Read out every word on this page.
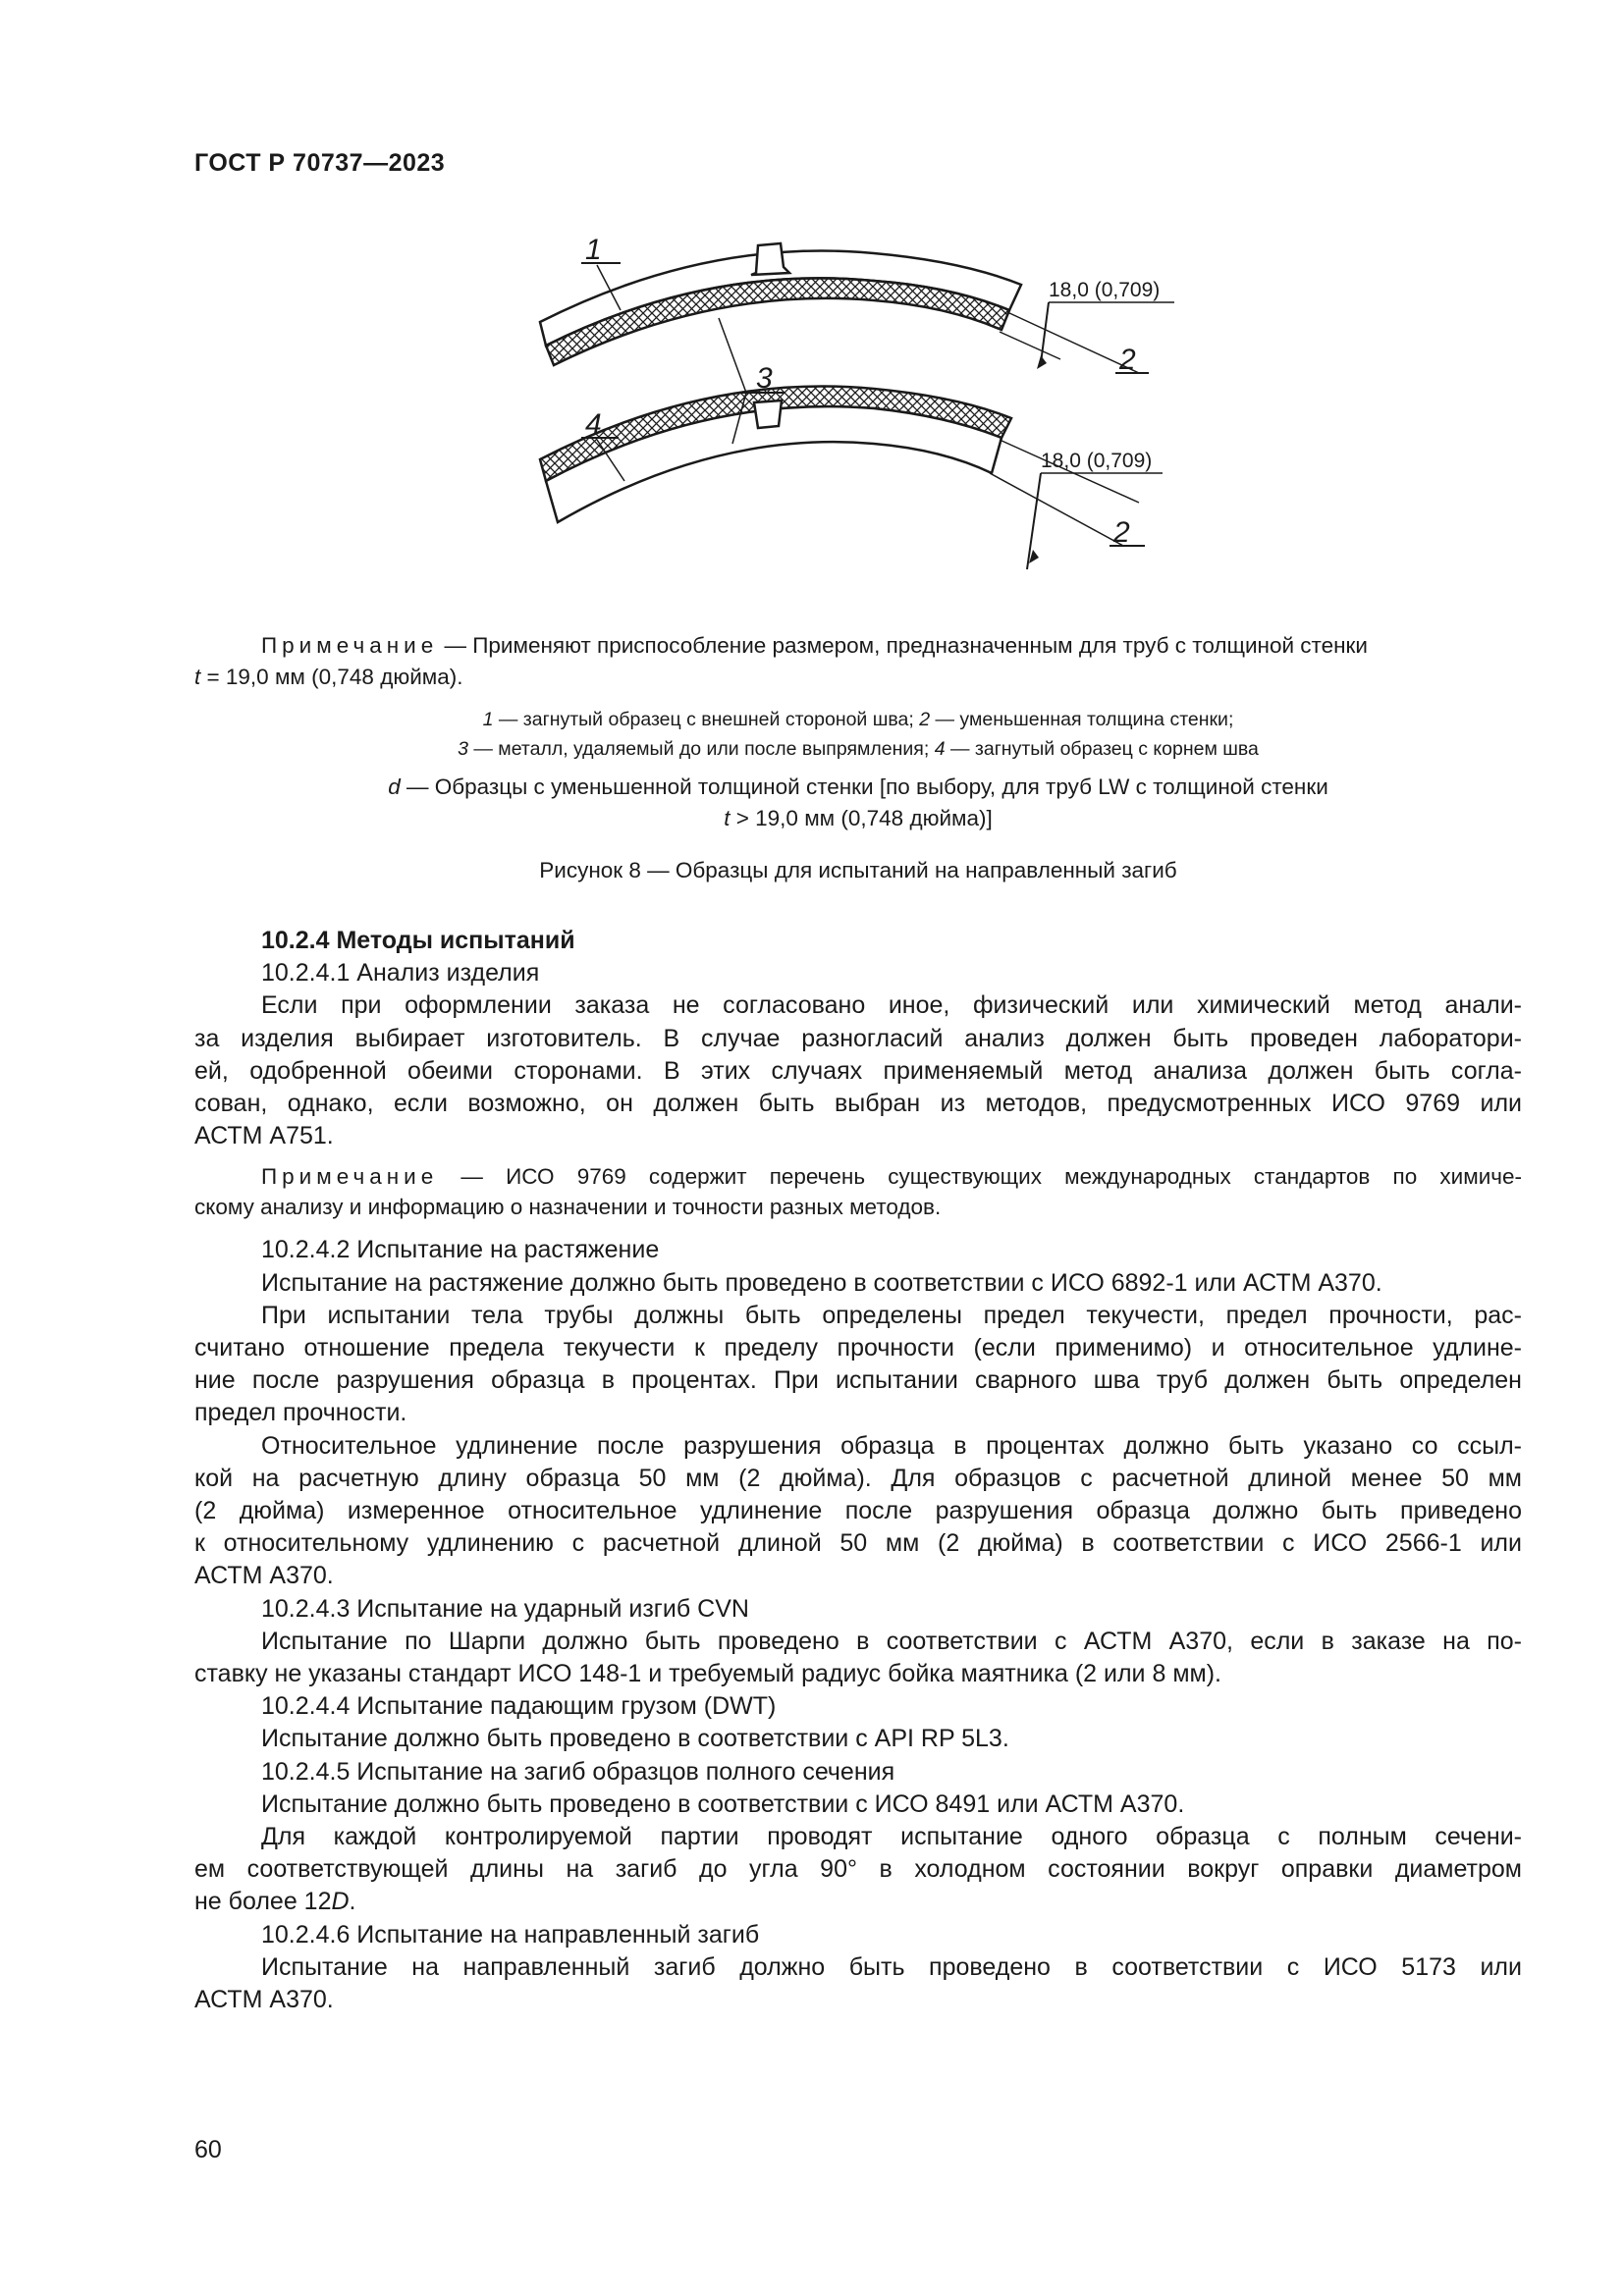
ГОСТ Р 70737—2023
1
3
4
18,0 (0,709)
2
18,0 (0,709)
2
Примечание — Применяют приспособление размером, предназначенным для труб с толщиной стенки
t = 19,0 мм (0,748 дюйма).
1 — загнутый образец с внешней стороной шва; 2 — уменьшенная толщина стенки;
3 — металл, удаляемый до или после выпрямления; 4 — загнутый образец с корнем шва
d — Образцы с уменьшенной толщиной стенки [по выбору, для труб LW с толщиной стенки
t > 19,0 мм (0,748 дюйма)]
Рисунок 8 — Образцы для испытаний на направленный загиб

10.2.4 Методы испытаний

10.2.4.1 Анализ изделия

Если при оформлении заказа не согласовано иное, физический или химический метод анали-
за изделия выбирает изготовитель. В случае разногласий анализ должен быть проведен лаборатори-
ей, одобренной обеими сторонами. В этих случаях применяемый метод анализа должен быть согла-
сован, однако, если возможно, он должен быть выбран из методов, предусмотренных ИСО 9769 или
АСТМ А751.

Примечание — ИСО 9769 содержит перечень существующих международных стандартов по химиче-
скому анализу и информацию о назначении и точности разных методов.

10.2.4.2 Испытание на растяжение

Испытание на растяжение должно быть проведено в соответствии с ИСО 6892-1 или АСТМ А370.

При испытании тела трубы должны быть определены предел текучести, предел прочности, рас-
считано отношение предела текучести к пределу прочности (если применимо) и относительное удлине-
ние после разрушения образца в процентах. При испытании сварного шва труб должен быть определен
предел прочности.

Относительное удлинение после разрушения образца в процентах должно быть указано со ссыл-
кой на расчетную длину образца 50 мм (2 дюйма). Для образцов с расчетной длиной менее 50 мм
(2 дюйма) измеренное относительное удлинение после разрушения образца должно быть приведено
к относительному удлинению с расчетной длиной 50 мм (2 дюйма) в соответствии с ИСО 2566-1 или
АСТМ А370.

10.2.4.3 Испытание на ударный изгиб CVN

Испытание по Шарпи должно быть проведено в соответствии с АСТМ А370, если в заказе на по-
ставку не указаны стандарт ИСО 148-1 и требуемый радиус бойка маятника (2 или 8 мм).

10.2.4.4 Испытание падающим грузом (DWT)

Испытание должно быть проведено в соответствии с API RP 5L3.

10.2.4.5 Испытание на загиб образцов полного сечения

Испытание должно быть проведено в соответствии с ИСО 8491 или АСТМ А370.

Для каждой контролируемой партии проводят испытание одного образца с полным сечени-
ем соответствующей длины на загиб до угла 90° в холодном состоянии вокруг оправки диаметром
не более 12D.

10.2.4.6 Испытание на направленный загиб

Испытание на направленный загиб должно быть проведено в соответствии с ИСО 5173 или
АСТМ А370.

60
